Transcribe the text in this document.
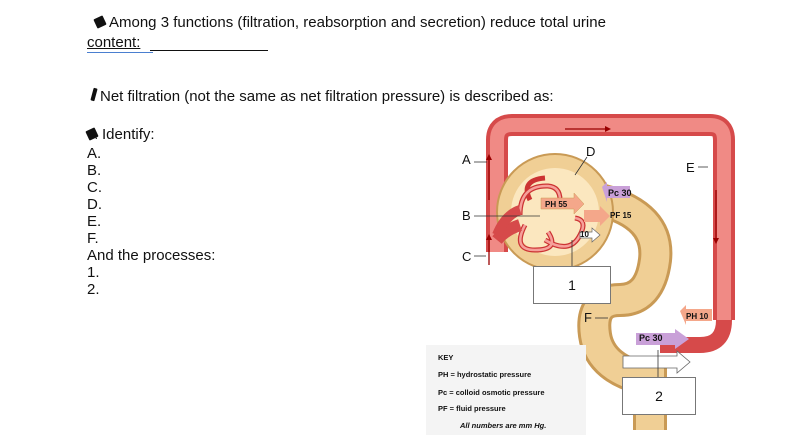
Among 3 functions (filtration, reabsorption and secretion) reduce total urine
content:
Net filtration (not the same as net filtration pressure) is described as:
Identify:
A.
B.
C.
D.
E.
F.
And the processes:
1.
2.
A
B
C
D
E
F
PH 55
Pc 30
PF 15
10
PH 10
Pc 30
1
2
KEY
PH = hydrostatic pressure
Pc = colloid osmotic pressure
PF = fluid pressure
All numbers are mm Hg.
